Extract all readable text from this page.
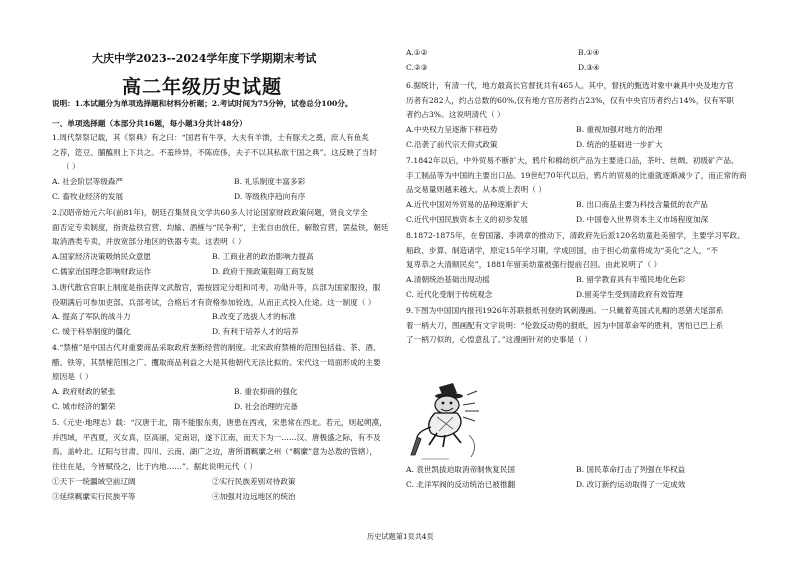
大庆中学2023--2024学年度下学期期末考试
高二年级历史试题
说明：1.本试题分为单项选择题和材料分析题；2.考试时间为75分钟，试卷总分100分。

一、单项选择题（本部分共16题，每小题3分共计48分）

1.周代祭祭记载，其《祭典》有之曰：“国君有牛享，大夫有羊馈，士有豚犬之奠，庶人有鱼炙

之荐，笾豆、脯醢则上下共之。不羞珍异，不陈庶侈，夫子不以其私欲干国之典”。这反映了当时

（ ）

A. 社会阶层等级森严	B. 礼乐制度丰富多彩
C. 畜牧业经济的发展	D. 等级秩序趋向有序

2.汉昭帝始元六年(前81年)，朝廷召集贤良文学共60多人讨论国家财政政策问题，贤良文学全

面否定专卖制度，指责盐铁官营、均输、酒榷与“民争利”，主张自由放任，解散官营，罢盐铁，朝廷

取消酒类专卖，并放宽部分地区的铁器专卖。这表明（ ）

A.国家经济决策吸纳民众意愿	B. 工商业者的政治影响力提高
C.儒家治国理念影响财政运作	D. 政府干预政策阻碍工商发展

3.唐代散官官职上制度是指获得文武散官，需按固定分组和司考，功勋升等，兵部为国家服役，服

役期满后可参加吏部、兵部考试，合格后才有资格参加铨选，从而正式投入仕途。这一制度（ ）

A. 提高了军队的战斗力	B.改变了选拔人才的标准
C. 缓于科举制度的僵化	D. 有利于培养人才的培养

4.“禁榷”是中国古代对重要商品采取政府垄断经营的制度。北宋政府禁榷的范围包括盐、茶、酒、

醋、铁等，其禁榷范围之广、攫取商品利益之大是其他朝代无法比拟的。宋代这一局面形成的主要

原因是（ ）

A. 政府财政的紧张	B. 重农抑商的强化
C. 城市经济的繁荣	D. 社会治理的完备

5.《元史·地理志》载：“汉唐于北，隋不能服东夷，唐患在西戎，宋患常在西北。若元，则起朔漠，

并西域，平西夏，灭女真，臣高丽，定南诏，遂下江南，而天下为一……汉、唐极盛之际，有不及

焉。盖岭北、辽阳与甘肃、四川、云南、湖广之边，唐所谓羁縻之州（“羁縻”意为怂敖的管辖），

往往在是，今皆赋役之，比于内地……”。据此说明元代（ ）

①天下一统疆域空前辽阔	②实行民族差别对待政策
③延续羁縻实行民族平等	④加强对边远地区的统治
A.①②	B.①④
C.②③	D.③④

6.据统计，有清一代，地方最高长官督抚共有465人。其中，督抚的甄选对象中兼具中央及地方官

历者有282人，约占总数的60%,仅有地方官历者约占23%，仅有中央官历者约占14%，仅有军职

者约占3%。这说明清代（ ）

A.中央权力呈逐渐下移趋势	B. 重视加强对地方的治理
C.沿袭了前代宗天仰式政策	D. 统治的基础进一步扩大

7.1842年以后，中外贸易不断扩大，鸦片和棉纺织产品为主要进口品，茶叶、丝绸、初级矿产品、

手工制品等为中国的主要出口品。19世纪70年代以后，鸦片的贸易的比重就逐渐减少了，而正常的商

品交易量则越来越大。从本质上表明（ ）

A.近代中国对外贸易的品种逐渐扩大	B. 出口商品主要为科技含量低的农产品
C.近代中国民族资本主义的初步发展	D. 中国卷入世界资本主义市场程度加深

8.1872-1875年，在曾国藩、李鸿章的推动下，清政府先后派120名幼童赴美留学，主要学习军政、

船政、步算、制造诸学，原定15年学习期，学成回国，由于担心幼童将成为“美化”之人，“不

复卑恭之大清顺民矣”，1881年留美幼童被强行提前召回。由此说明了（ ）

A.清朝统治基础出现动摇	B. 留学教育具有半殖民地化色彩
C. 近代化受制于传统观念	D.留美学生受到清政府有效管理

9.下图为中国国内报刊1926年苏联报纸刊登的讽刺漫画。一只戴着英国式礼帽的恶猪犬尾部系

着一柄大刀，图画配有文字说明：“伦敦反动势的报纸，因为中国革命军的胜利，害怕已巴上系

了一柄刀似的，心惶意乱了。”这漫画针对的史事是（ ）

A. 袁世凯拔迫取消帝制恢复民国	B. 国民革命打击了列强在华权益
C. 北洋军阀的反动统治已被推翻	D. 改订新约运动取得了一定成效
历史试题第1页共4页
